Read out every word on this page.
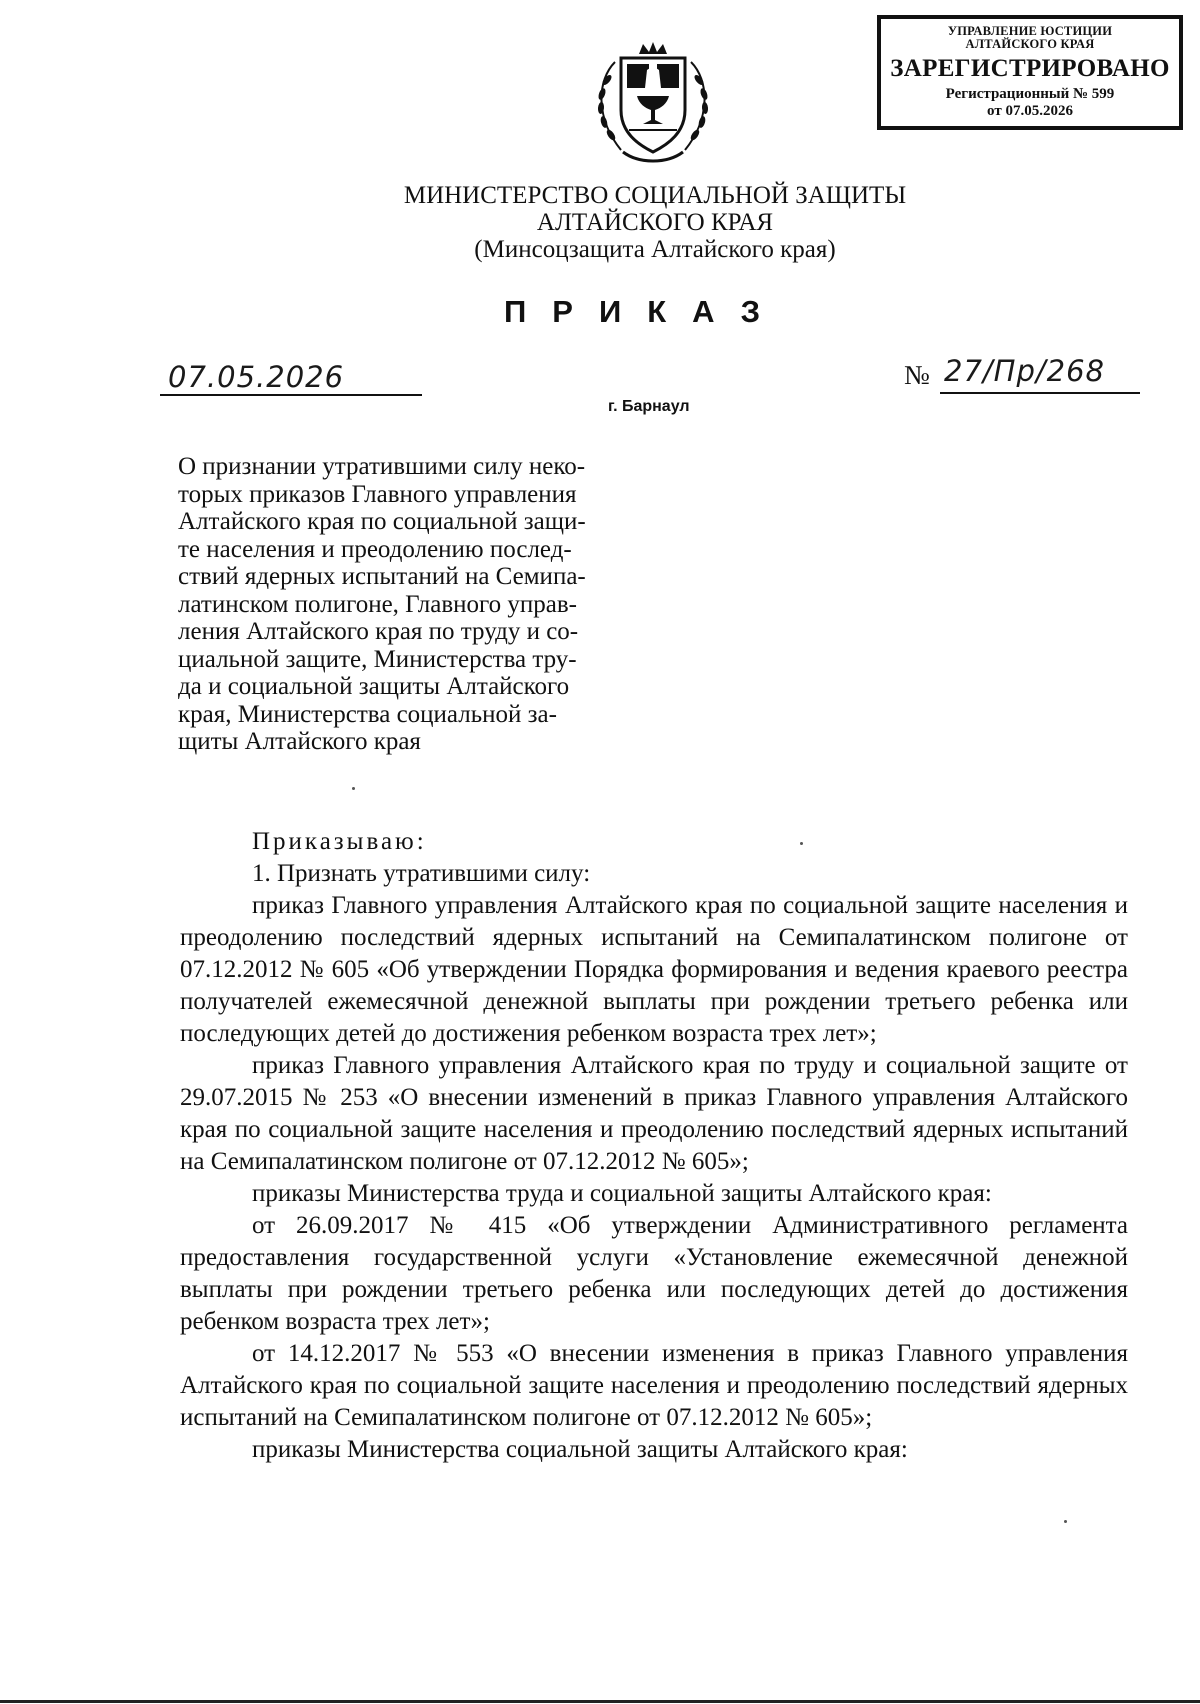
УПРАВЛЕНИЕ ЮСТИЦИИ
АЛТАЙСКОГО КРАЯ
ЗАРЕГИСТРИРОВАНО
Регистрационный № 599
от 07.05.2026
МИНИСТЕРСТВО СОЦИАЛЬНОЙ ЗАЩИТЫ
АЛТАЙСКОГО КРАЯ
(Минсоцзащита Алтайского края)
ПРИКАЗ
07.05.2026
г. Барнаул
№ 27/Пр/268
О признании утратившими силу неко-
торых приказов Главного управления
Алтайского края по социальной защи-
те населения и преодолению послед-
ствий ядерных испытаний на Семипа-
латинском полигоне, Главного управ-
ления Алтайского края по труду и со-
циальной защите, Министерства тру-
да и социальной защиты Алтайского
края, Министерства социальной за-
щиты Алтайского края

Приказываю:

1. Признать утратившими силу:

приказ Главного управления Алтайского края по социальной защите населения и преодолению последствий ядерных испытаний на Семипалатинском полигоне от 07.12.2012 № 605 «Об утверждении Порядка формирования и ведения краевого реестра получателей ежемесячной денежной выплаты при рождении третьего ребенка или последующих детей до достижения ребенком возраста трех лет»;

приказ Главного управления Алтайского края по труду и социальной защите от 29.07.2015 № 253 «О внесении изменений в приказ Главного управления Алтайского края по социальной защите населения и преодолению последствий ядерных испытаний на Семипалатинском полигоне от 07.12.2012 № 605»;

приказы Министерства труда и социальной защиты Алтайского края:

от 26.09.2017 № 415 «Об утверждении Административного регламента предоставления государственной услуги «Установление ежемесячной денежной выплаты при рождении третьего ребенка или последующих детей до достижения ребенком возраста трех лет»;

от 14.12.2017 № 553 «О внесении изменения в приказ Главного управления Алтайского края по социальной защите населения и преодолению последствий ядерных испытаний на Семипалатинском полигоне от 07.12.2012 № 605»;

приказы Министерства социальной защиты Алтайского края:
